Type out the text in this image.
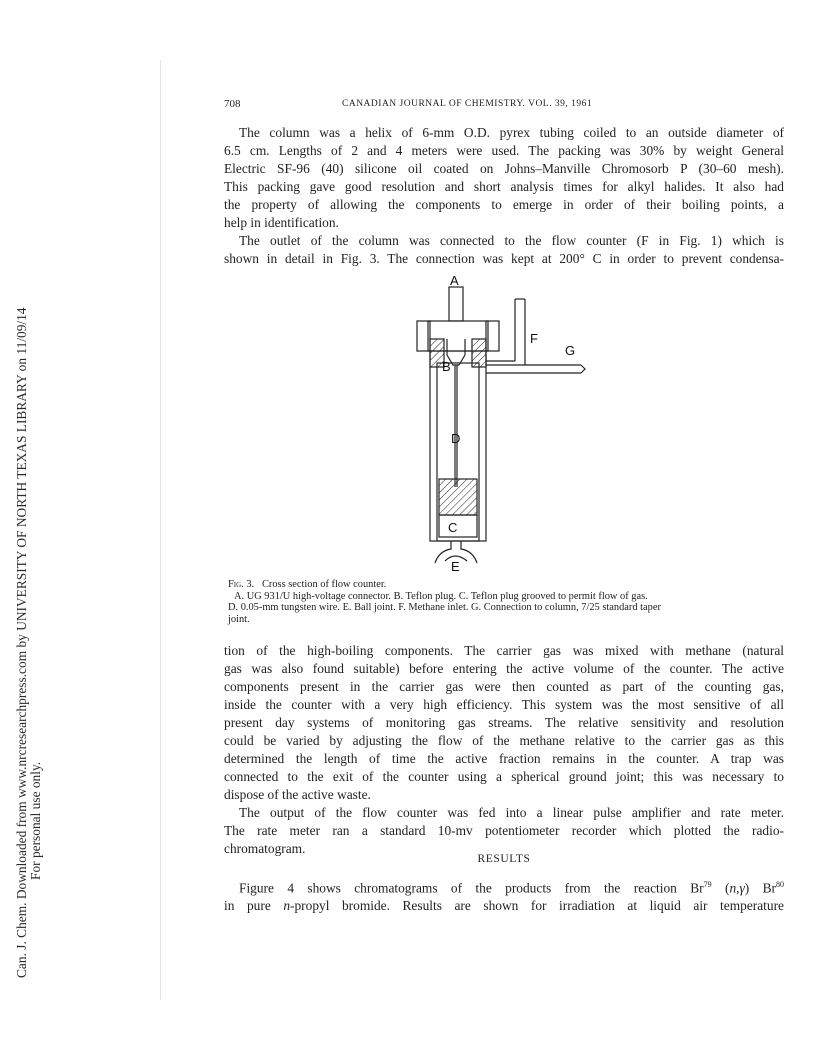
Can. J. Chem. Downloaded from www.nrcresearchpress.com by UNIVERSITY OF NORTH TEXAS LIBRARY on 11/09/14 For personal use only.
708	CANADIAN JOURNAL OF CHEMISTRY. VOL. 39, 1961

The column was a helix of 6-mm O.D. pyrex tubing coiled to an outside diameter of
6.5 cm. Lengths of 2 and 4 meters were used. The packing was 30% by weight General
Electric SF-96 (40) silicone oil coated on Johns–Manville Chromosorb P (30–60 mesh).
This packing gave good resolution and short analysis times for alkyl halides. It also had
the property of allowing the components to emerge in order of their boiling points, a
help in identification.

The outlet of the column was connected to the flow counter (F in Fig. 1) which is
shown in detail in Fig. 3. The connection was kept at 200° C in order to prevent condensa-

A
B
C
D
E
F
G
Fig. 3. Cross section of flow counter.
A. UG 931/U high-voltage connector. B. Teflon plug. C. Teflon plug grooved to permit flow of gas.
D. 0.05-mm tungsten wire. E. Ball joint. F. Methane inlet. G. Connection to column, 7/25 standard taper
joint.

tion of the high-boiling components. The carrier gas was mixed with methane (natural
gas was also found suitable) before entering the active volume of the counter. The active
components present in the carrier gas were then counted as part of the counting gas,
inside the counter with a very high efficiency. This system was the most sensitive of all
present day systems of monitoring gas streams. The relative sensitivity and resolution
could be varied by adjusting the flow of the methane relative to the carrier gas as this
determined the length of time the active fraction remains in the counter. A trap was
connected to the exit of the counter using a spherical ground joint; this was necessary to
dispose of the active waste.

The output of the flow counter was fed into a linear pulse amplifier and rate meter.
The rate meter ran a standard 10-mv potentiometer recorder which plotted the radio-
chromatogram.

RESULTS

Figure 4 shows chromatograms of the products from the reaction Br$^{79}$ (n,γ) Br$^{80}$
in pure n-propyl bromide. Results are shown for irradiation at liquid air temperature
